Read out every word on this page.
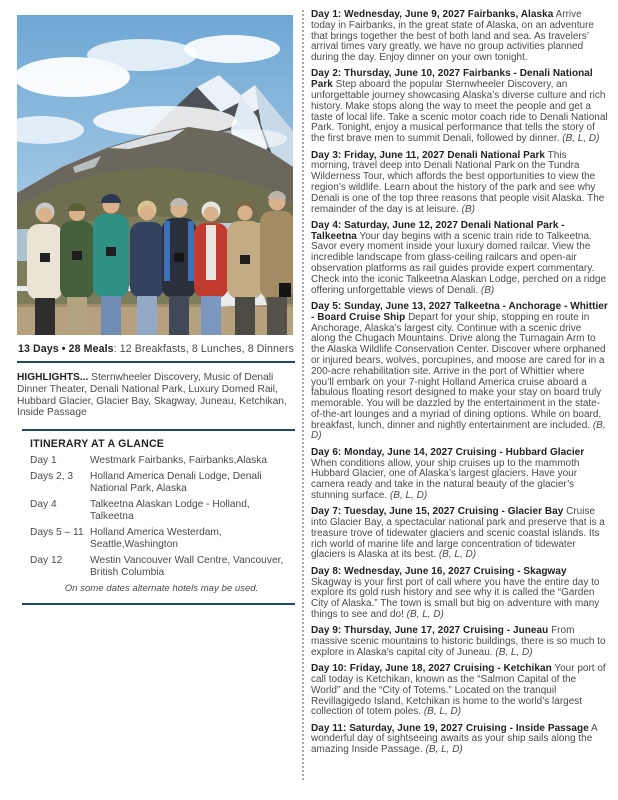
13 Days • 28 Meals: 12 Breakfasts, 8 Lunches, 8 Dinners

HIGHLIGHTS... Sternwheeler Discovery, Music of Denali Dinner Theater, Denali National Park, Luxury Domed Rail, Hubbard Glacier, Glacier Bay, Skagway, Juneau, Ketchikan, Inside Passage

ITINERARY AT A GLANCE
Day 1	Westmark Fairbanks, Fairbanks,Alaska
Days 2, 3	Holland America Denali Lodge, Denali National Park, Alaska
Day 4	Talkeetna Alaskan Lodge - Holland, Talkeetna
Days 5 – 11 Holland America Westerdam, Seattle,Washington
Day 12	Westin Vancouver Wall Centre, Vancouver, British Columbia
On some dates alternate hotels may be used.

Day 1: Wednesday, June 9, 2027 Fairbanks, Alaska Arrive today in Fairbanks, in the great state of Alaska, on an adventure that brings together the best of both land and sea. As travelers’ arrival times vary greatly, we have no group activities planned during the day. Enjoy dinner on your own tonight.

Day 2: Thursday, June 10, 2027 Fairbanks - Denali National Park Step aboard the popular Sternwheeler Discovery, an unforgettable journey showcasing Alaska’s diverse culture and rich history. Make stops along the way to meet the people and get a taste of local life. Take a scenic motor coach ride to Denali National Park. Tonight, enjoy a musical performance that tells the story of the first brave men to summit Denali, followed by dinner. (B, L, D)

Day 3: Friday, June 11, 2027 Denali National Park This morning, travel deep into Denali National Park on the Tundra Wilderness Tour, which affords the best opportunities to view the region’s wildlife. Learn about the history of the park and see why Denali is one of the top three reasons that people visit Alaska. The remainder of the day is at leisure. (B)

Day 4: Saturday, June 12, 2027 Denali National Park - Talkeetna Your day begins with a scenic train ride to Talkeetna. Savor every moment inside your luxury domed railcar. View the incredible landscape from glass-ceiling railcars and open-air observation platforms as rail guides provide expert commentary. Check into the iconic Talkeetna Alaskan Lodge, perched on a ridge offering unforgettable views of Denali. (B)

Day 5: Sunday, June 13, 2027 Talkeetna - Anchorage - Whittier - Board Cruise Ship Depart for your ship, stopping en route in Anchorage, Alaska’s largest city. Continue with a scenic drive along the Chugach Mountains. Drive along the Turnagain Arm to the Alaska Wildlife Conservation Center. Discover where orphaned or injured bears, wolves, porcupines, and moose are cared for in a 200-acre rehabilitation site. Arrive in the port of Whittier where you’ll embark on your 7-night Holland America cruise aboard a fabulous floating resort designed to make your stay on board truly memorable. You will be dazzled by the entertainment in the state-of-the-art lounges and a myriad of dining options. While on board, breakfast, lunch, dinner and nightly entertainment are included. (B, D)

Day 6: Monday, June 14, 2027 Cruising - Hubbard Glacier When conditions allow, your ship cruises up to the mammoth Hubbard Glacier, one of Alaska’s largest glaciers. Have your camera ready and take in the natural beauty of the glacier’s stunning surface. (B, L, D)

Day 7: Tuesday, June 15, 2027 Cruising - Glacier Bay Cruise into Glacier Bay, a spectacular national park and preserve that is a treasure trove of tidewater glaciers and scenic coastal islands. Its rich world of marine life and large concentration of tidewater glaciers is Alaska at its best. (B, L, D)

Day 8: Wednesday, June 16, 2027 Cruising - Skagway Skagway is your first port of call where you have the entire day to explore its gold rush history and see why it is called the “Garden City of Alaska.” The town is small but big on adventure with many things to see and do! (B, L, D)

Day 9: Thursday, June 17, 2027 Cruising - Juneau From massive scenic mountains to historic buildings, there is so much to explore in Alaska’s capital city of Juneau. (B, L, D)

Day 10: Friday, June 18, 2027 Cruising - Ketchikan Your port of call today is Ketchikan, known as the “Salmon Capital of the World” and the “City of Totems.” Located on the tranquil Revillagigedo Island, Ketchikan is home to the world’s largest collection of totem poles. (B, L, D)

Day 11: Saturday, June 19, 2027 Cruising - Inside Passage A wonderful day of sightseeing awaits as your ship sails along the amazing Inside Passage. (B, L, D)
